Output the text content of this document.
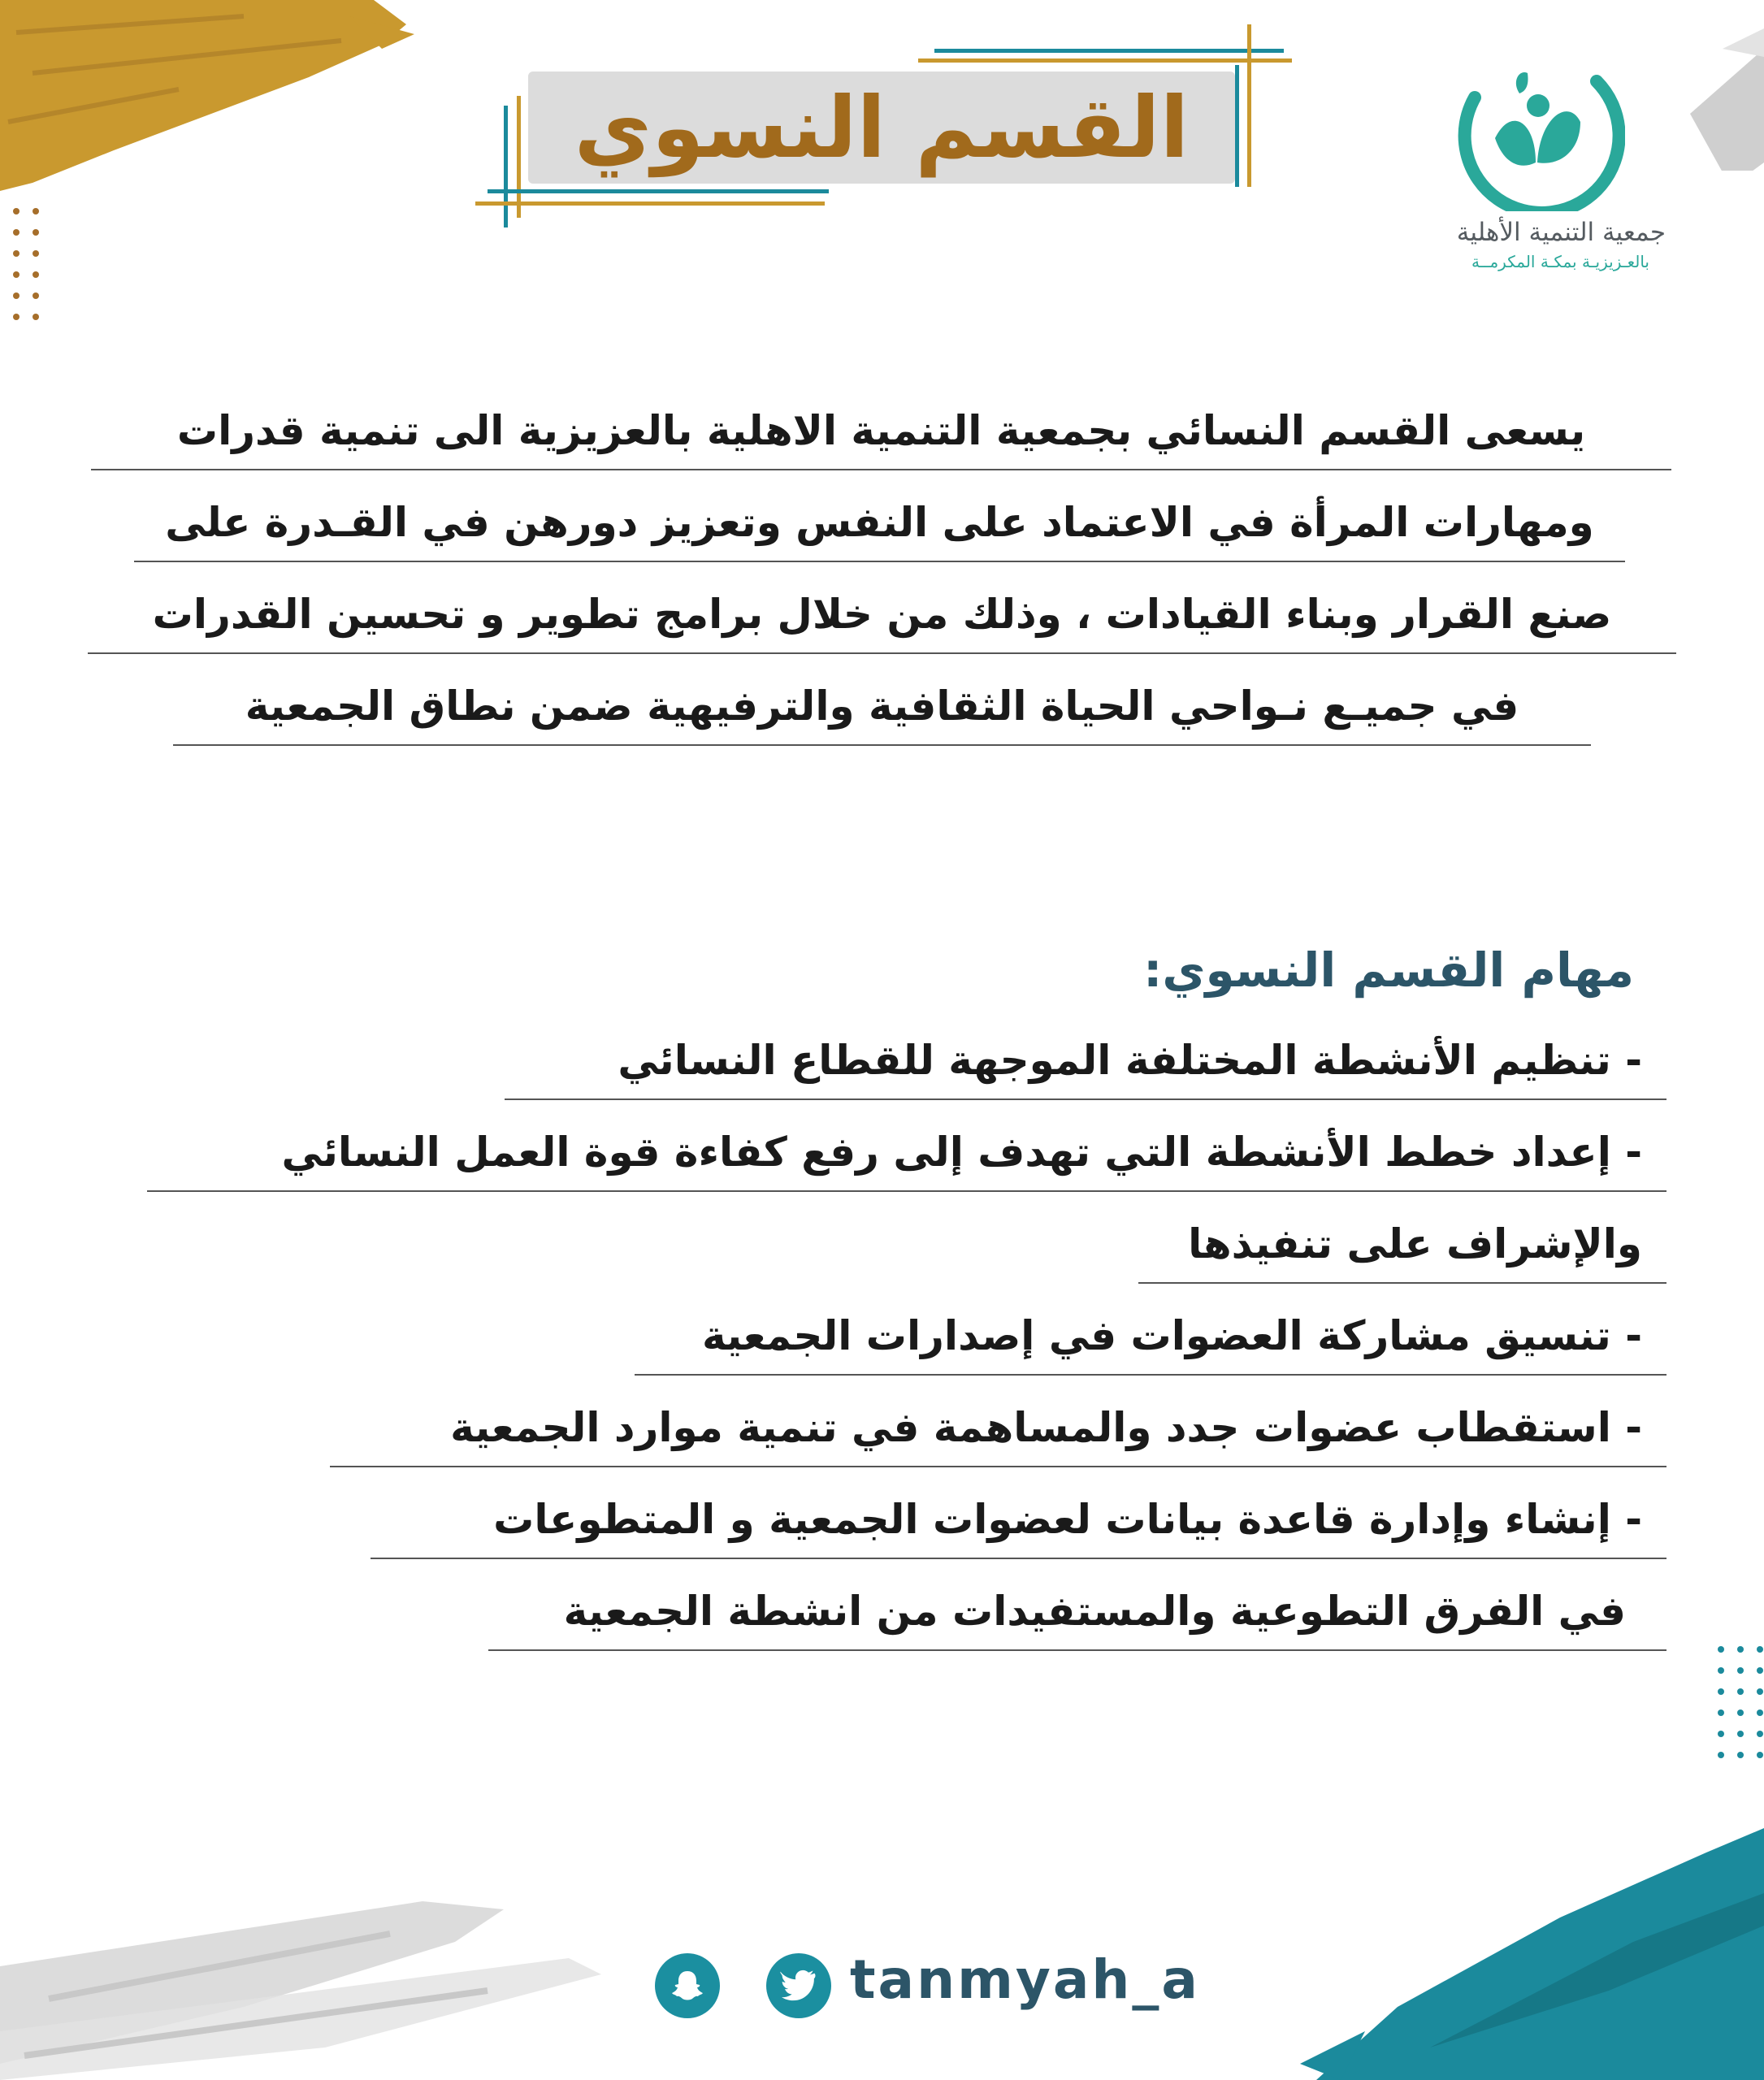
القسم النسوي
جمعية التنمية الأهلية
بالعـزيزيـة بمكـة المكرمــة
يسعى القسم النسائي بجمعية التنمية الاهلية بالعزيزية الى تنمية قدرات
ومهارات المرأة في الاعتماد على النفس وتعزيز دورهن في القـدرة على
صنع القرار وبناء القيادات ، وذلك من خلال برامج تطوير و تحسين القدرات
في جميـع نـواحي الحياة الثقافية والترفيهية ضمن نطاق الجمعية
مهام القسم النسوي:
- تنظيم الأنشطة المختلفة الموجهة للقطاع النسائي
- إعداد خطط الأنشطة التي تهدف إلى رفع كفاءة قوة العمل النسائي
والإشراف على تنفيذها
- تنسيق مشاركة العضوات في إصدارات الجمعية
- استقطاب عضوات جدد والمساهمة في تنمية موارد الجمعية
- إنشاء وإدارة قاعدة بيانات لعضوات الجمعية و المتطوعات
في الفرق التطوعية والمستفيدات من انشطة الجمعية
tanmyah_a
